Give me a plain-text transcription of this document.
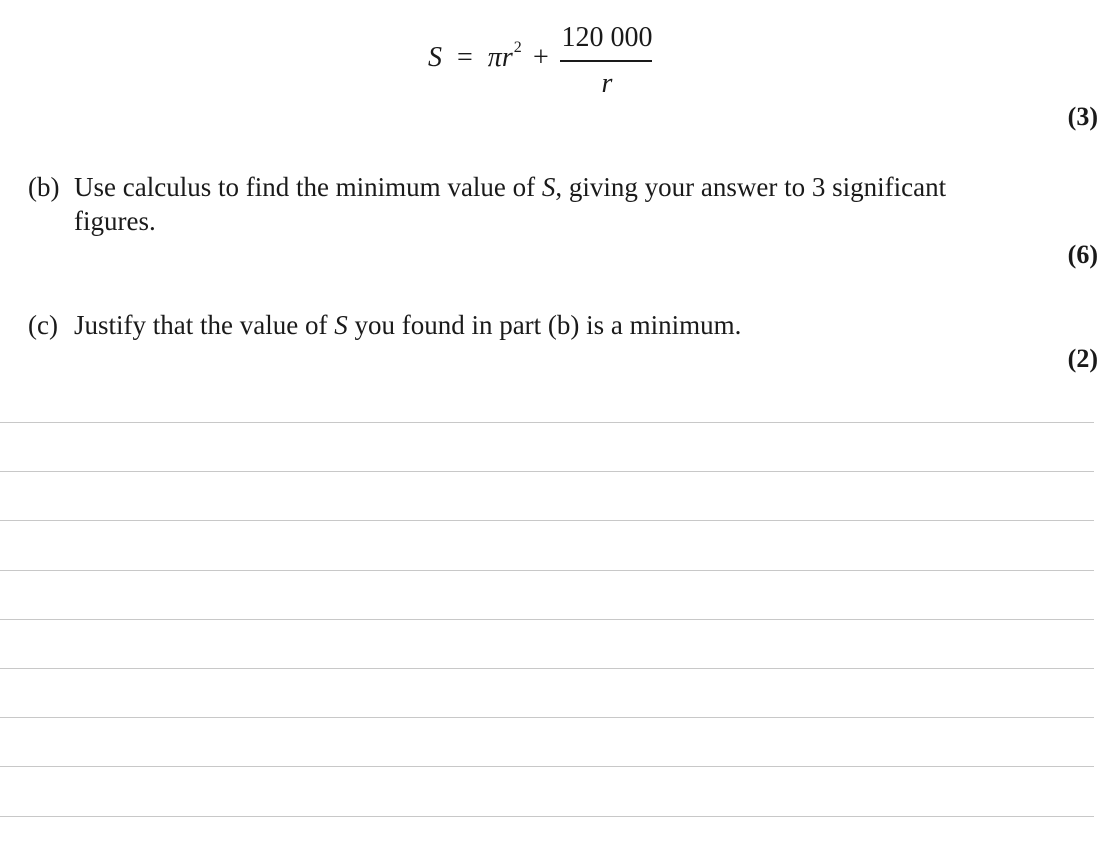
$S = \pi r^2$ +
120 000
r
(3)
(b) Use calculus to find the minimum value of S, giving your answer to 3 significant
figures.
(6)
(c) Justify that the value of S you found in part (b) is a minimum.
(2)
